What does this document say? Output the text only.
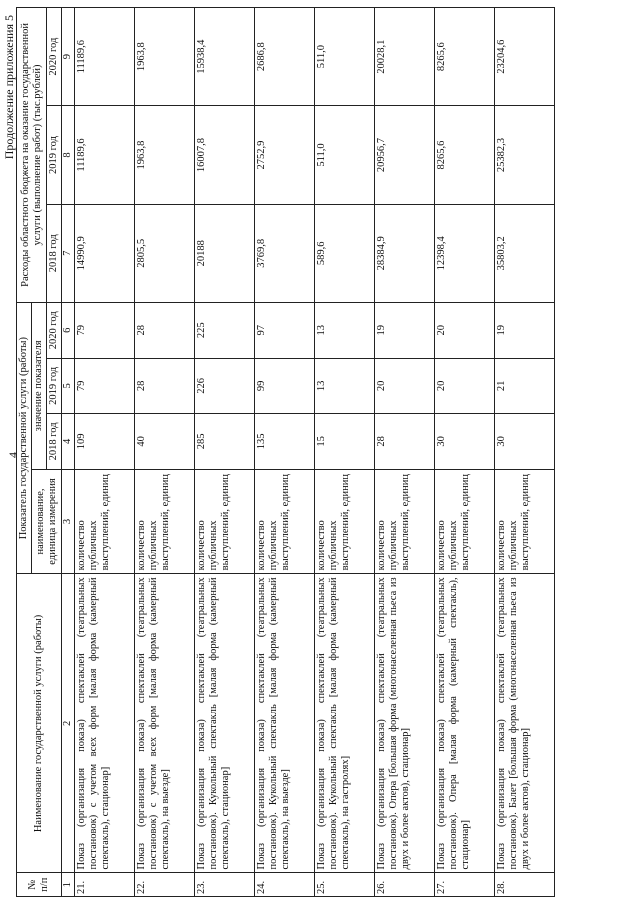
4
Продолжение приложения 5
№ п/п	Наименование государственной услуги (работы)	Показатель государственной услуги (работы)				Расходы областного бюджета на оказание государственной услуги (выполнение работ) (тыс.рублей)		
		наименование, единица измерения	значение показателя					
			2018 год	2019 год	2020 год	2018 год	2019 год	2020 год
1	2	3	4	5	6	7	8	9
21.	Показ (организация показа) спектаклей (театральных постановок) с учетом всех форм [малая форма (камерный спектакль), стационар]	количество публичных выступлений, единиц	109	79	79	14990,9	11189,6	11189,6
22.	Показ (организация показа) спектаклей (театральных постановок) с учетом всех форм [малая форма (камерный спектакль), на выезде]	количество публичных выступлений, единиц	40	28	28	2805,5	1963,8	1963,8
23.	Показ (организация показа) спектаклей (театральных постановок). Кукольный спектакль [малая форма (камерный спектакль), стационар]	количество публичных выступлений, единиц	285	226	225	20188	16007,8	15938,4
24.	Показ (организация показа) спектаклей (театральных постановок). Кукольный спектакль [малая форма (камерный спектакль), на выезде]	количество публичных выступлений, единиц	135	99	97	3769,8	2752,9	2686,8
25.	Показ (организация показа) спектаклей (театральных постановок). Кукольный спектакль [малая форма (камерный спектакль), на гастролях]	количество публичных выступлений, единиц	15	13	13	589,6	511,0	511,0
26.	Показ (организация показа) спектаклей (театральных постановок). Опера [большая форма (многонаселенная пьеса из двух и более актов), стационар]	количество публичных выступлений, единиц	28	20	19	28384,9	20956,7	20028,1
27.	Показ (организация показа) спектаклей (театральных постановок). Опера [малая форма (камерный спектакль), стационар]	количество публичных выступлений, единиц	30	20	20	12398,4	8265,6	8265,6
28.	Показ (организация показа) спектаклей (театральных постановок). Балет [большая форма (многонаселенная пьеса из двух и более актов), стационар]	количество публичных выступлений, единиц	30	21	19	35803,2	25382,3	23204,6
